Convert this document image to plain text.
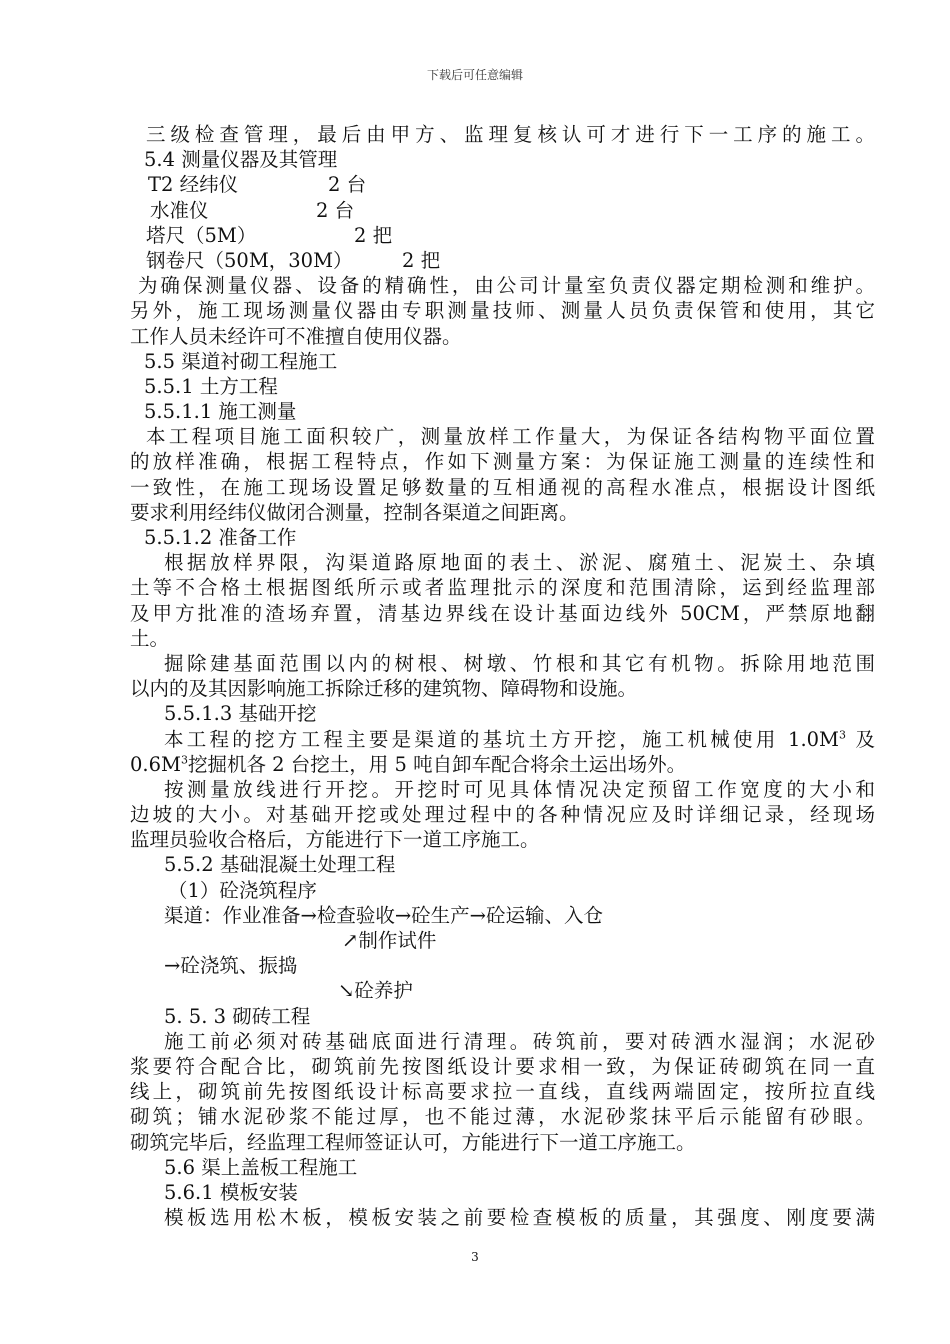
下载后可任意编辑
三级检查管理，最后由甲方、监理复核认可才进行下一工序的施工。
5.4 测量仪器及其管理
T2 经纬仪	2 台
水准仪	2 台
塔尺（5M）	2 把
钢卷尺（50M，30M）	2 把
为确保测量仪器、设备的精确性，由公司计量室负责仪器定期检测和维护。
另外，施工现场测量仪器由专职测量技师、测量人员负责保管和使用，其它
工作人员未经许可不准擅自使用仪器。
5.5 渠道衬砌工程施工
5.5.1 土方工程
5.5.1.1 施工测量
本工程项目施工面积较广，测量放样工作量大，为保证各结构物平面位置
的放样准确，根据工程特点，作如下测量方案：为保证施工测量的连续性和
一致性，在施工现场设置足够数量的互相通视的高程水准点，根据设计图纸
要求利用经纬仪做闭合测量，控制各渠道之间距离。
5.5.1.2 准备工作
根据放样界限，沟渠道路原地面的表土、淤泥、腐殖土、泥炭土、杂填
土等不合格土根据图纸所示或者监理批示的深度和范围清除，运到经监理部
及甲方批准的渣场弃置，清基边界线在设计基面边线外 50CM，严禁原地翻
土。
掘除建基面范围以内的树根、树墩、竹根和其它有机物。拆除用地范围
以内的及其因影响施工拆除迁移的建筑物、障碍物和设施。
5.5.1.3 基础开挖
本工程的挖方工程主要是渠道的基坑土方开挖，施工机械使用 $1.0M^3$ 及
$0.6M^3$挖掘机各 2 台挖土，用 5 吨自卸车配合将余土运出场外。
按测量放线进行开挖。开挖时可见具体情况决定预留工作宽度的大小和
边坡的大小。对基础开挖或处理过程中的各种情况应及时详细记录，经现场
监理员验收合格后，方能进行下一道工序施工。
5.5.2 基础混凝土处理工程
（1）砼浇筑程序
渠道：作业准备→检查验收→砼生产→砼运输、入仓
↗制作试件
→砼浇筑、振捣
↘砼养护
5. 5. 3 砌砖工程
施工前必须对砖基础底面进行清理。砖筑前，要对砖洒水湿润；水泥砂
浆要符合配合比，砌筑前先按图纸设计要求相一致，为保证砖砌筑在同一直
线上，砌筑前先按图纸设计标高要求拉一直线，直线两端固定，按所拉直线
砌筑；铺水泥砂浆不能过厚，也不能过薄，水泥砂浆抹平后示能留有砂眼。
砌筑完毕后，经监理工程师签证认可，方能进行下一道工序施工。
5.6 渠上盖板工程施工
5.6.1 模板安装
模板选用松木板，模板安装之前要检查模板的质量，其强度、刚度要满
3
